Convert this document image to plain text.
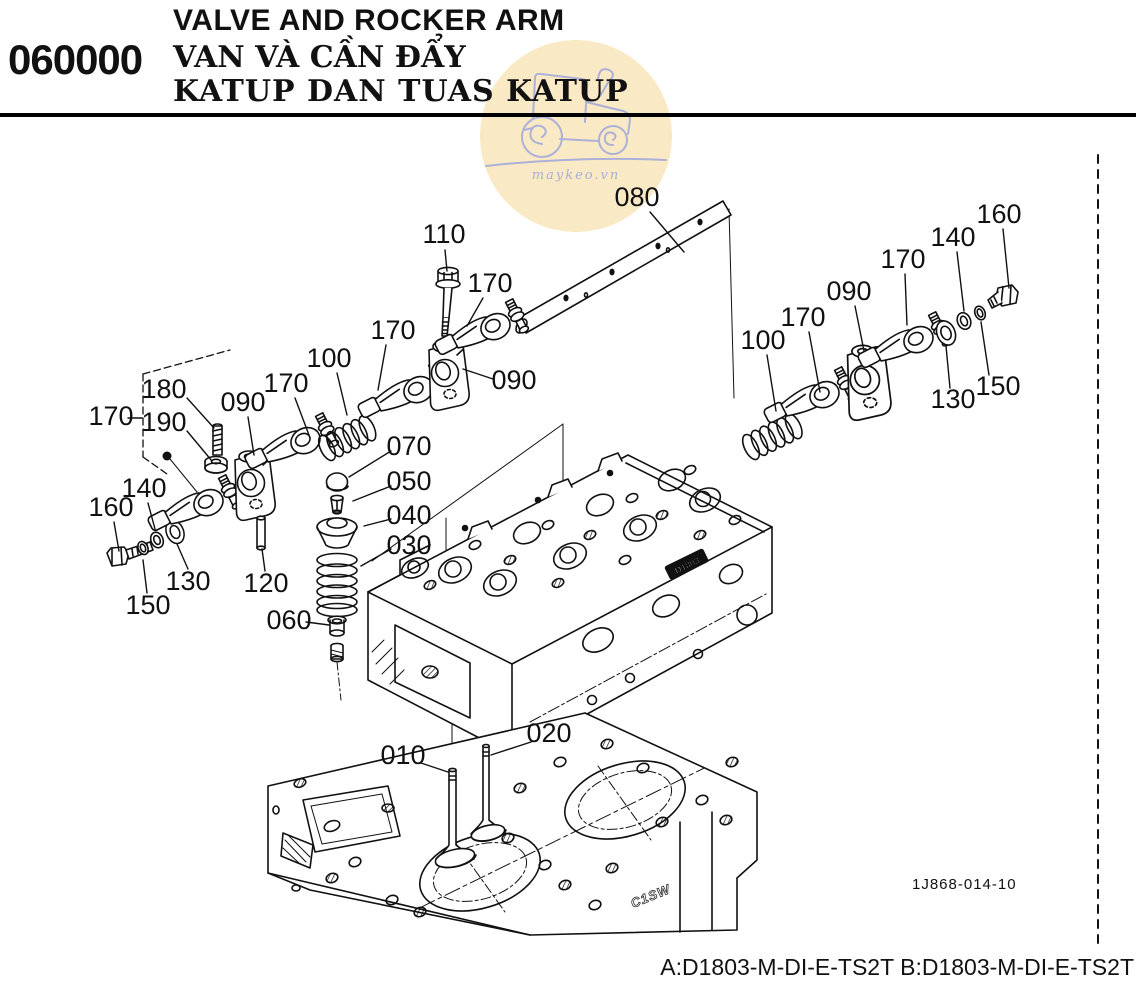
maykeo.vn
060000
VALVE AND ROCKER ARM
VAN VÀ CẦN ĐẨY
KATUP DAN TUAS KATUP
D1803
C1SW
080
110
170
170
100
170
180 090
170 190
090
160
140
170
090
170
100
150
130
140
160
070
050
040
030
130 120
150	060
010
020
1J868-014-10
A:D1803-M-DI-E-TS2T B:D1803-M-DI-E-TS2T
